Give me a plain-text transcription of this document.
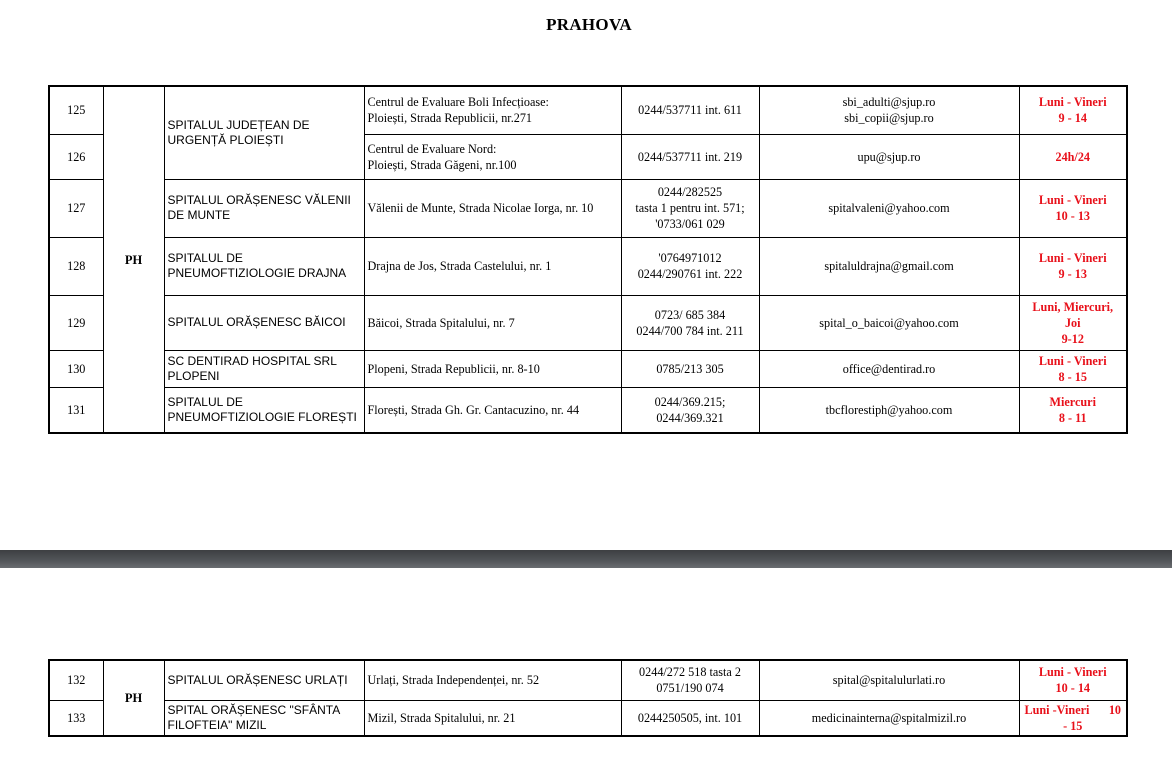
PRAHOVA
125	PH	SPITALUL JUDEȚEAN DE URGENȚĂ PLOIEȘTI	Centrul de Evaluare Boli Infecțioase:
Ploiești, Strada Republicii, nr.271	0244/537711 int. 611	sbi_adulti@sjup.ro
sbi_copii@sjup.ro	Luni - Vineri
9 - 14

126			Centrul de Evaluare Nord:
Ploiești, Strada Găgeni, nr.100	0244/537711 int. 219	upu@sjup.ro	24h/24

127		SPITALUL ORĂȘENESC VĂLENII DE MUNTE	Vălenii de Munte, Strada Nicolae Iorga, nr. 10	0244/282525
tasta 1 pentru int. 571;
'0733/061 029	spitalvaleni@yahoo.com	Luni - Vineri
10 - 13

128		SPITALUL DE PNEUMOFTIZIOLOGIE DRAJNA	Drajna de Jos, Strada Castelului, nr. 1	'0764971012
0244/290761 int. 222	spitaluldrajna@gmail.com	Luni - Vineri
9 - 13

129		SPITALUL ORĂȘENESC BĂICOI	Băicoi, Strada Spitalului, nr. 7	0723/ 685 384
0244/700 784 int. 211	spital_o_baicoi@yahoo.com	Luni, Miercuri,
Joi
9-12

130		SC DENTIRAD HOSPITAL SRL PLOPENI	Plopeni, Strada Republicii, nr. 8-10	0785/213 305	office@dentirad.ro	Luni - Vineri
8 - 15

131		SPITALUL DE PNEUMOFTIZIOLOGIE FLOREȘTI	Florești, Strada Gh. Gr. Cantacuzino, nr. 44	0244/369.215;
0244/369.321	tbcflorestiph@yahoo.com	Miercuri
8 - 11
132	PH	SPITALUL ORĂȘENESC URLAȚI	Urlați, Strada Independenței, nr. 52	0244/272 518 tasta 2
0751/190 074	spital@spitalulurlati.ro	Luni - Vineri
10 - 14

133		SPITAL ORĂȘENESC "SFÂNTA FILOFTEIA" MIZIL	Mizil, Strada Spitalului, nr. 21	0244250505, int. 101	medicinainterna@spitalmizil.ro	Luni -Vineri 10
- 15
